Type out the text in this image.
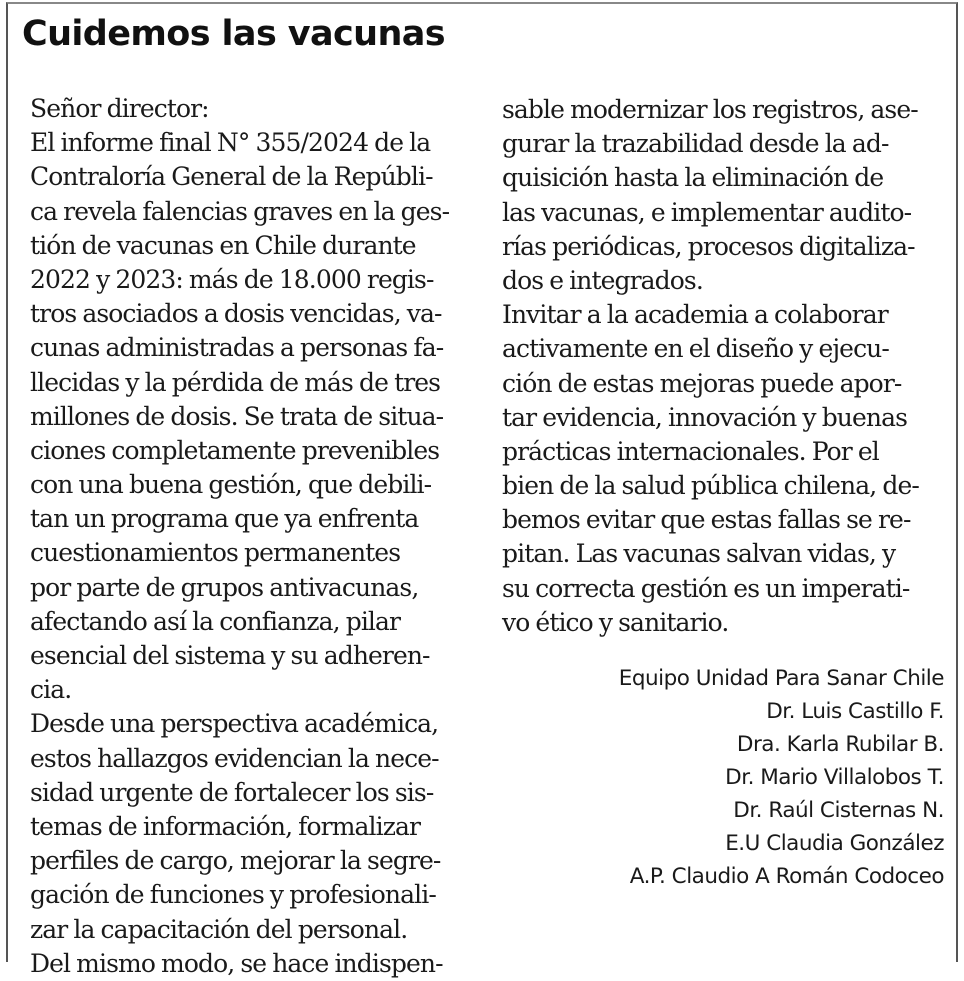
Cuidemos las vacunas
Señor director:
El informe final N° 355/2024 de la
Contraloría General de la Repúbli-
ca revela falencias graves en la ges-
tión de vacunas en Chile durante
2022 y 2023: más de 18.000 regis-
tros asociados a dosis vencidas, va-
cunas administradas a personas fa-
llecidas y la pérdida de más de tres
millones de dosis. Se trata de situa-
ciones completamente prevenibles
con una buena gestión, que debili-
tan un programa que ya enfrenta
cuestionamientos permanentes
por parte de grupos antivacunas,
afectando así la confianza, pilar
esencial del sistema y su adheren-
cia.
Desde una perspectiva académica,
estos hallazgos evidencian la nece-
sidad urgente de fortalecer los sis-
temas de información, formalizar
perfiles de cargo, mejorar la segre-
gación de funciones y profesionali-
zar la capacitación del personal.
Del mismo modo, se hace indispen-
sable modernizar los registros, ase-
gurar la trazabilidad desde la ad-
quisición hasta la eliminación de
las vacunas, e implementar audito-
rías periódicas, procesos digitaliza-
dos e integrados.
Invitar a la academia a colaborar
activamente en el diseño y ejecu-
ción de estas mejoras puede apor-
tar evidencia, innovación y buenas
prácticas internacionales. Por el
bien de la salud pública chilena, de-
bemos evitar que estas fallas se re-
pitan. Las vacunas salvan vidas, y
su correcta gestión es un imperati-
vo ético y sanitario.
Equipo Unidad Para Sanar Chile
Dr. Luis Castillo F.
Dra. Karla Rubilar B.
Dr. Mario Villalobos T.
Dr. Raúl Cisternas N.
E.U Claudia González
A.P. Claudio A Román Codoceo
